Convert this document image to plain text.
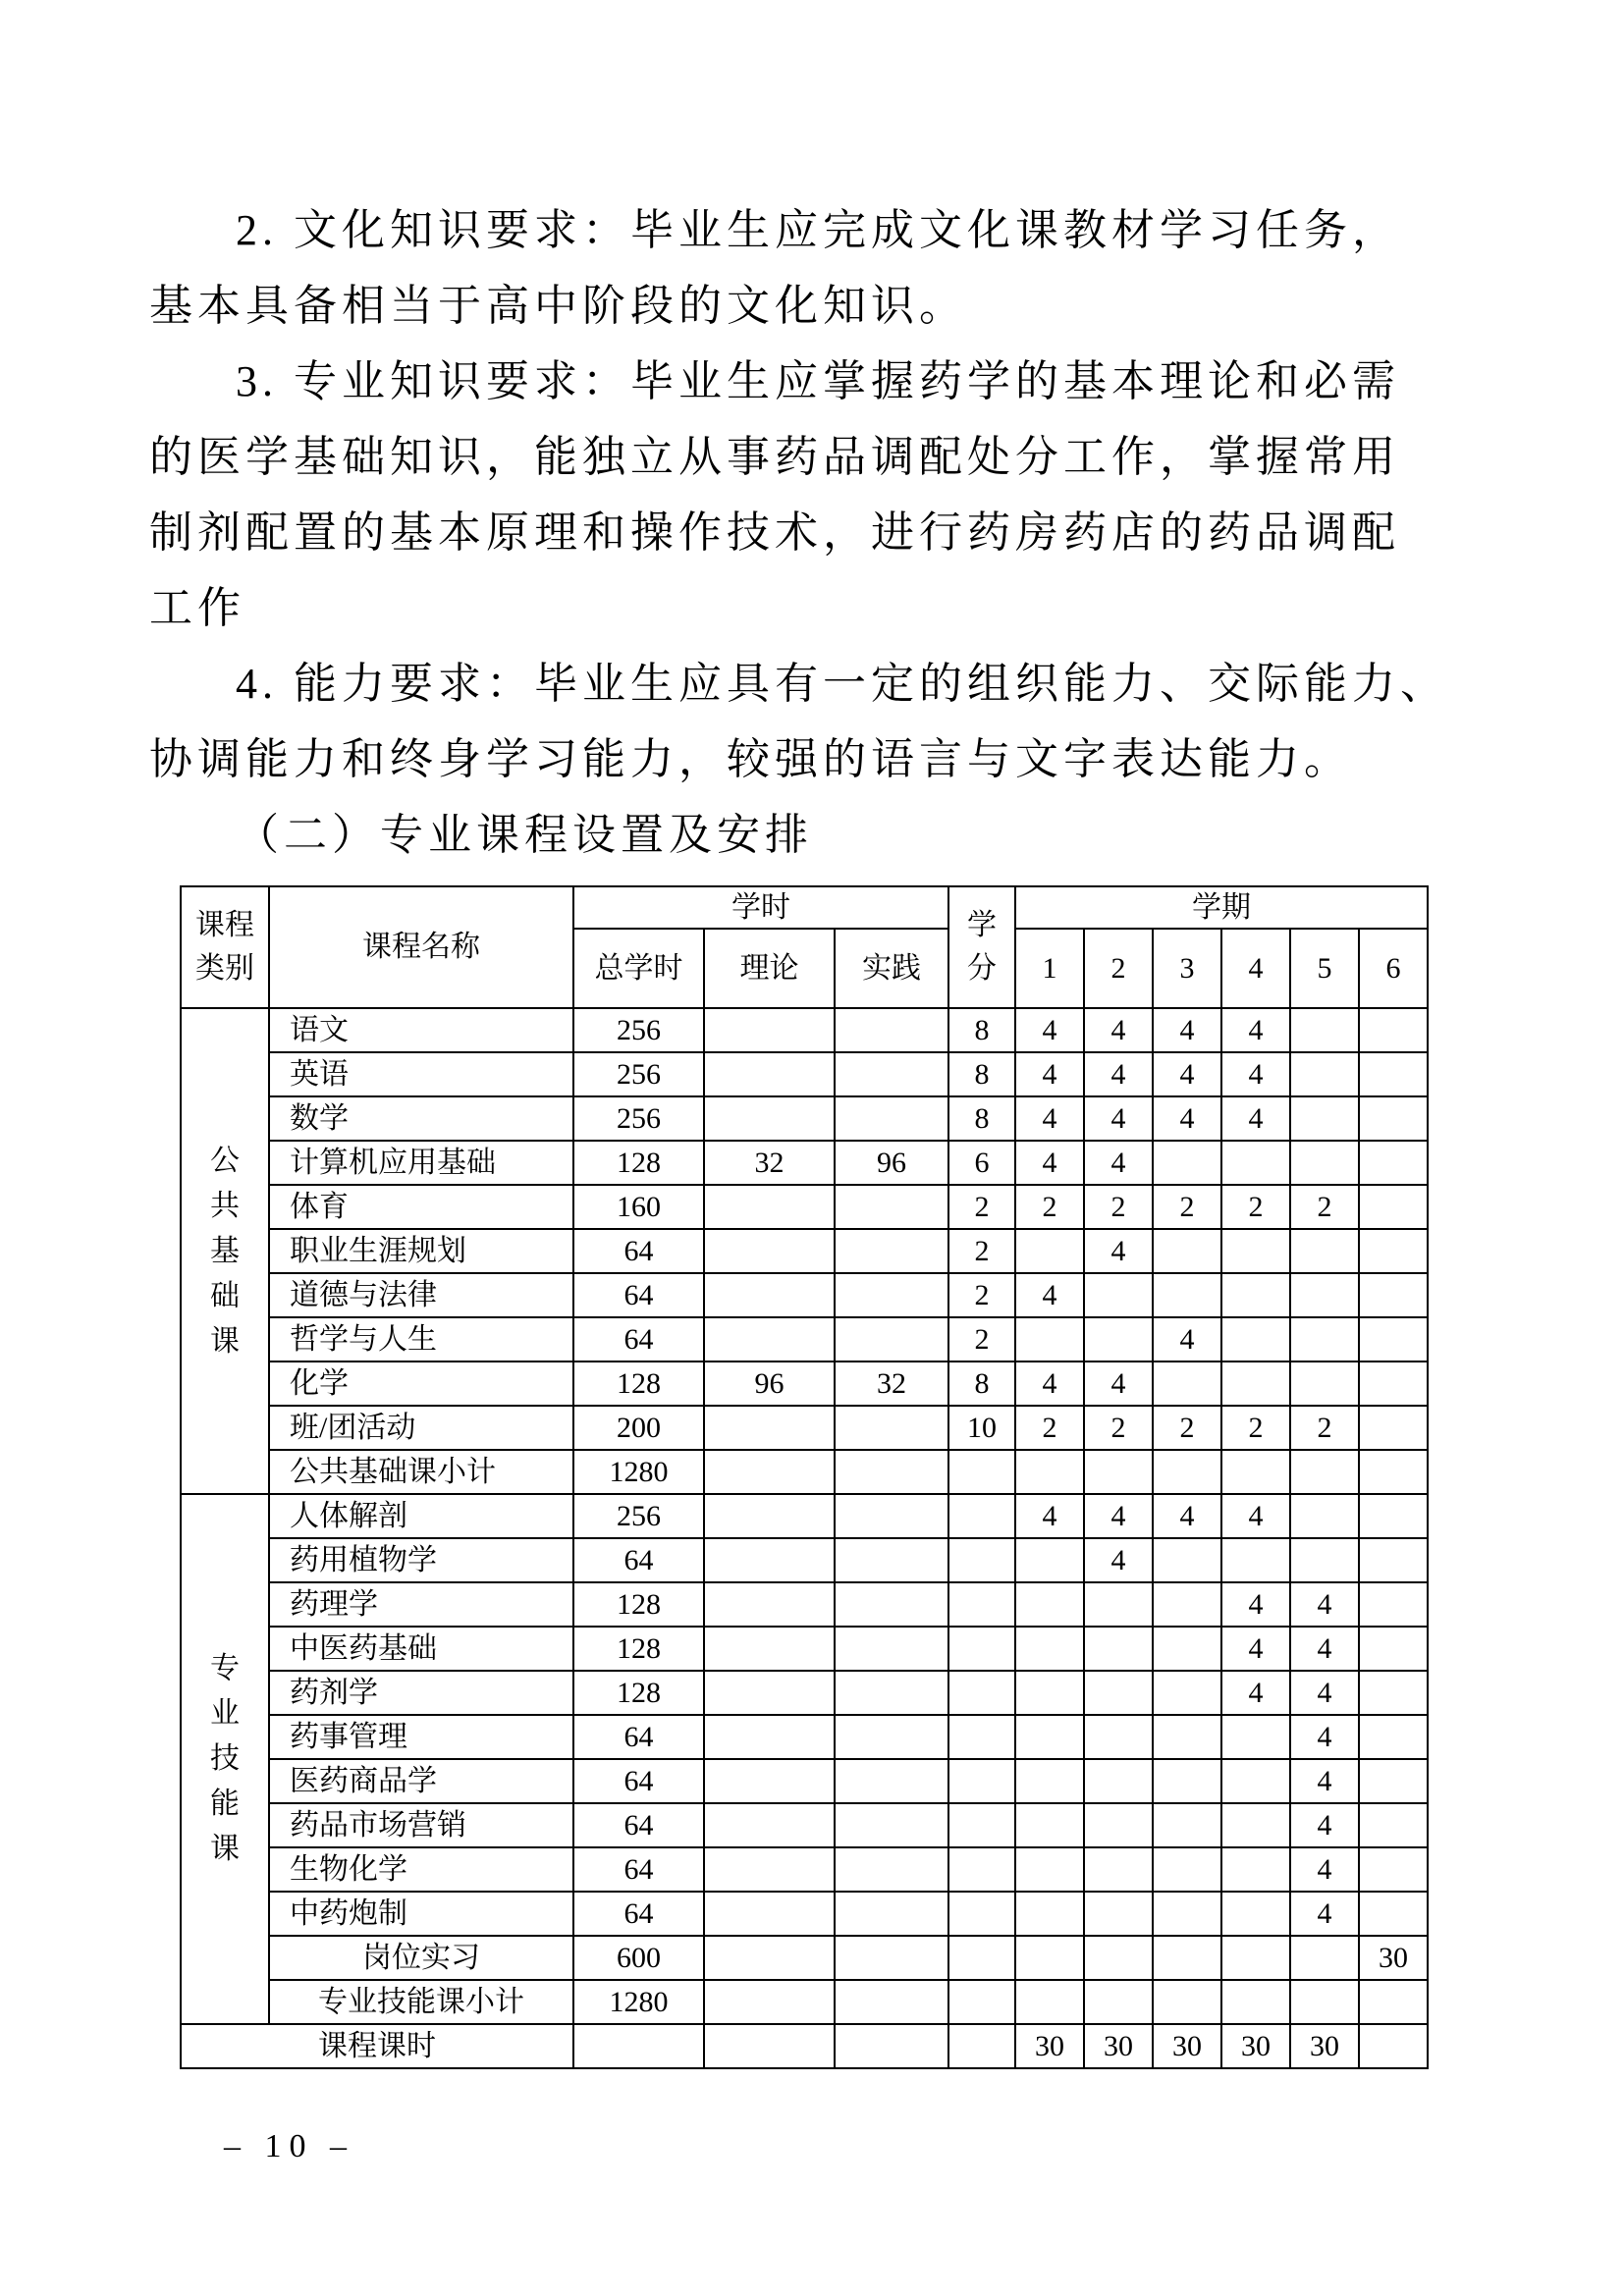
2. 文化知识要求：毕业生应完成文化课教材学习任务，
基本具备相当于高中阶段的文化知识。
3. 专业知识要求：毕业生应掌握药学的基本理论和必需
的医学基础知识，能独立从事药品调配处分工作，掌握常用
制剂配置的基本原理和操作技术，进行药房药店的药品调配
工作
4. 能力要求：毕业生应具有一定的组织能力、交际能力、
协调能力和终身学习能力，较强的语言与文字表达能力。
（二）专业课程设置及安排
课程类别	课程名称	学时			学分	学期					
		总学时	理论	实践		1	2	3	4	5	6
公共基础课	语文	256			8	4	4	4	4		
	英语	256			8	4	4	4	4		
	数学	256			8	4	4	4	4		
	计算机应用基础	128	32	96	6	4	4				
	体育	160			2	2	2	2	2	2	
	职业生涯规划	64			2		4				
	道德与法律	64			2	4					
	哲学与人生	64			2			4			
	化学	128	96	32	8	4	4				
	班/团活动	200			10	2	2	2	2	2	
	公共基础课小计	1280									
专业技能课	人体解剖	256				4	4	4	4		
	药用植物学	64					4				
	药理学	128							4	4	
	中医药基础	128							4	4	
	药剂学	128							4	4	
	药事管理	64								4	
	医药商品学	64								4	
	药品市场营销	64								4	
	生物化学	64								4	
	中药炮制	64								4	
	岗位实习	600									30
	专业技能课小计	1280									
课程课时						30	30	30	30	30	
– 10 –
